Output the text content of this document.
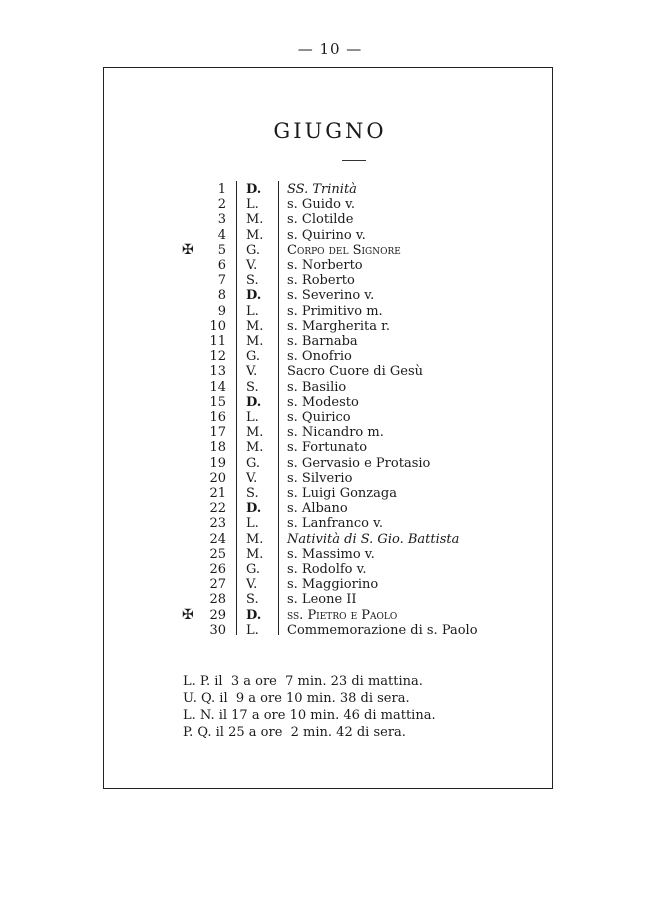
— 10 —
GIUGNO
1 D. SS. Trinità
2 L. s. Guido v.
3 M. s. Clotilde
4 M. s. Quirino v.
✠ 5 G. Corpo del Signore
6 V. s. Norberto
7 S. s. Roberto
8 D. s. Severino v.
9 L. s. Primitivo m.
10 M. s. Margherita r.
11 M. s. Barnaba
12 G. s. Onofrio
13 V. Sacro Cuore di Gesù
14 S. s. Basilio
15 D. s. Modesto
16 L. s. Quirico
17 M. s. Nicandro m.
18 M. s. Fortunato
19 G. s. Gervasio e Protasio
20 V. s. Silverio
21 S. s. Luigi Gonzaga
22 D. s. Albano
23 L. s. Lanfranco v.
24 M. Natività di S. Gio. Battista
25 M. s. Massimo v.
26 G. s. Rodolfo v.
27 V. s. Maggiorino
28 S. s. Leone II
✠ 29 D. ss. Pietro e Paolo
30 L. Commemorazione di s. Paolo
L. P. il  3 a ore  7 min. 23 di mattina.
U. Q. il  9 a ore 10 min. 38 di sera.
L. N. il 17 a ore 10 min. 46 di mattina.
P. Q. il 25 a ore  2 min. 42 di sera.
